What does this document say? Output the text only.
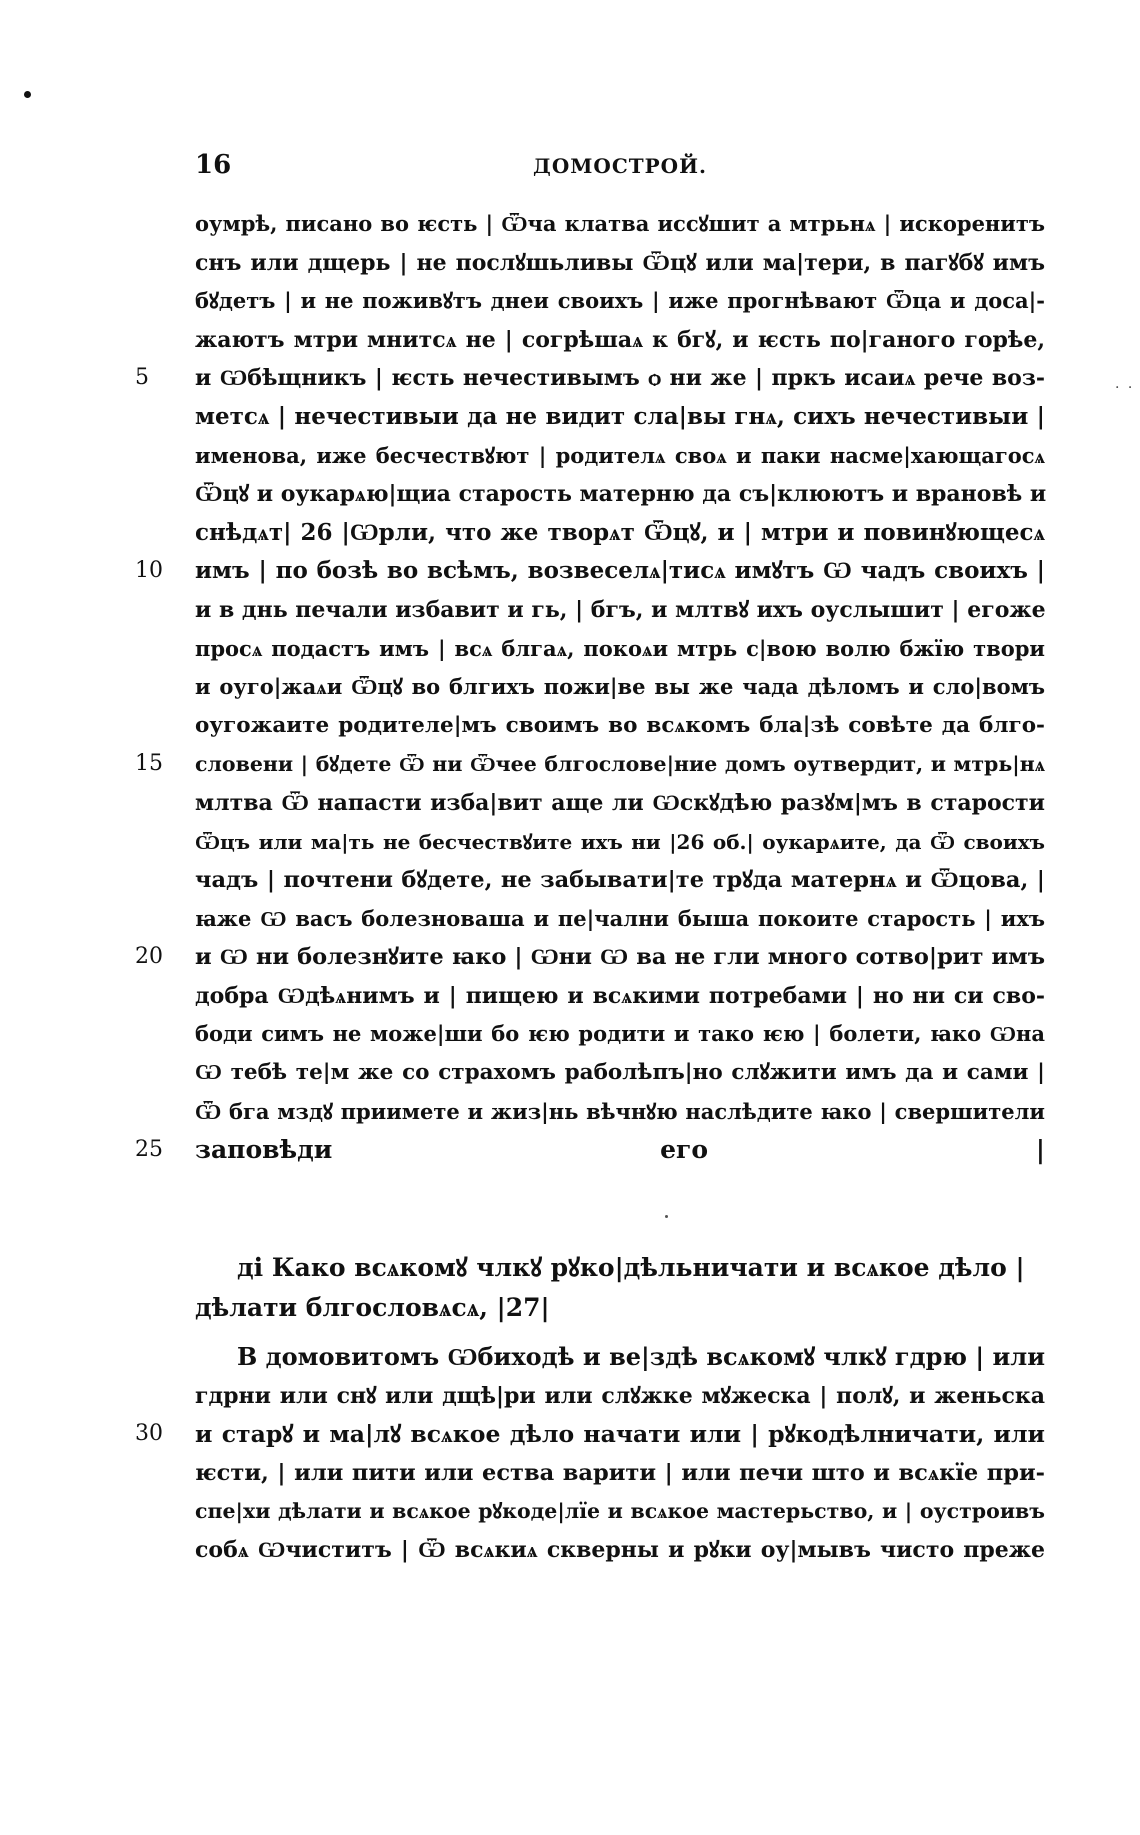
· ·
16	ДОМОСТРОЙ.
оумрѣ, писано во ѥсть | Ѿча клатва иссꙋшит а мтрьнѧ | искоренитъ
снъ или дщерь | не послꙋшьливы Ѿцꙋ или ма|тери, в пагꙋбꙋ имъ
бꙋдетъ | и не поживꙋтъ днеи своихъ | иже прогнѣвают Ѿца и доса|-
жаютъ мтри мнитсѧ не | согрѣшаѧ к бгꙋ, и ѥсть по|ганого горѣе,
5	и Ѡбѣщникъ | ѥсть нечестивымъ ѻ ни же | пркъ исаиѧ рече воз-
метсѧ | нечестивыи да не видит сла|вы гнѧ, сихъ нечестивыи |
именова, иже бесчествꙋют | родителѧ своѧ и паки насме|хающагосѧ
Ѿцꙋ и оукарѧю|щиа старость матерню да съ|клюютъ и врановѣ и
снѣдѧт| 26 |Ѡрли, что же творѧт Ѿцꙋ, и | мтри и повинꙋющесѧ
10	имъ | по бозѣ во всѣмъ, возвеселѧ|тисѧ имꙋтъ Ѡ чадъ своихъ |
и в днь печали избавит и гь, | бгъ, и млтвꙋ ихъ оуслышит | егоже
просѧ подастъ имъ | всѧ блгаѧ, покоѧи мтрь с|вою волю бжїю твори
и оуго|жаѧи Ѿцꙋ во блгихъ пожи|ве вы же чада дѣломъ и сло|вомъ
оугожаите родителе|мъ своимъ во всѧкомъ бла|зѣ совѣте да блго-
15	словени | бꙋдете Ѿ ни Ѿчее блгослове|ние домъ оутвердит, и мтрь|нѧ
млтва Ѿ напасти изба|вит аще ли Ѡскꙋдѣю разꙋм|мъ в старости
Ѿцъ или ма|ть не бесчествꙋите ихъ ни |26 об.| оукарѧите, да Ѿ своихъ
чадъ | почтени бꙋдете, не забывати|те трꙋда матернѧ и Ѿцова, |
ꙗже Ѡ васъ болезноваша и пе|чални быша покоите старость | ихъ
20	и Ѡ ни болезнꙋите ꙗко | Ѡни Ѡ ва не гли много сотво|рит имъ
добра Ѡдѣѧнимъ и | пищею и всѧкими потребами | но ни си сво-
боди симъ не може|ши бо ѥю родити и тако ѥю | болети, ꙗко Ѡна
Ѡ тебѣ те|м же со страхомъ раболѣпъ|но слꙋжити имъ да и сами |
Ѿ бга мздꙋ приимете и жиз|нь вѣчнꙋю наслѣдите ꙗко | свершители
25	заповѣди его |
ді Како всѧкомꙋ члкꙋ рꙋко|дѣльничати и всѧкое дѣло |
дѣлати блгословѧсѧ, |27|
В домовитомъ Ѡбиходѣ и ве|здѣ всѧкомꙋ члкꙋ гдрю | или
гдрни или снꙋ или дщѣ|ри или слꙋжке мꙋжеска | полꙋ, и женьска
30	и старꙋ и ма|лꙋ всѧкое дѣло начати или | рꙋкодѣлничати, или
ѥсти, | или пити или ества варити | или печи што и всѧкїе при-
спе|хи дѣлати и всѧкое рꙋкоде|лїе и всѧкое мастерьство, и | оустроивъ
собѧ Ѡчиститъ | Ѿ всѧкиѧ скверны и рꙋки оу|мывъ чисто преже
